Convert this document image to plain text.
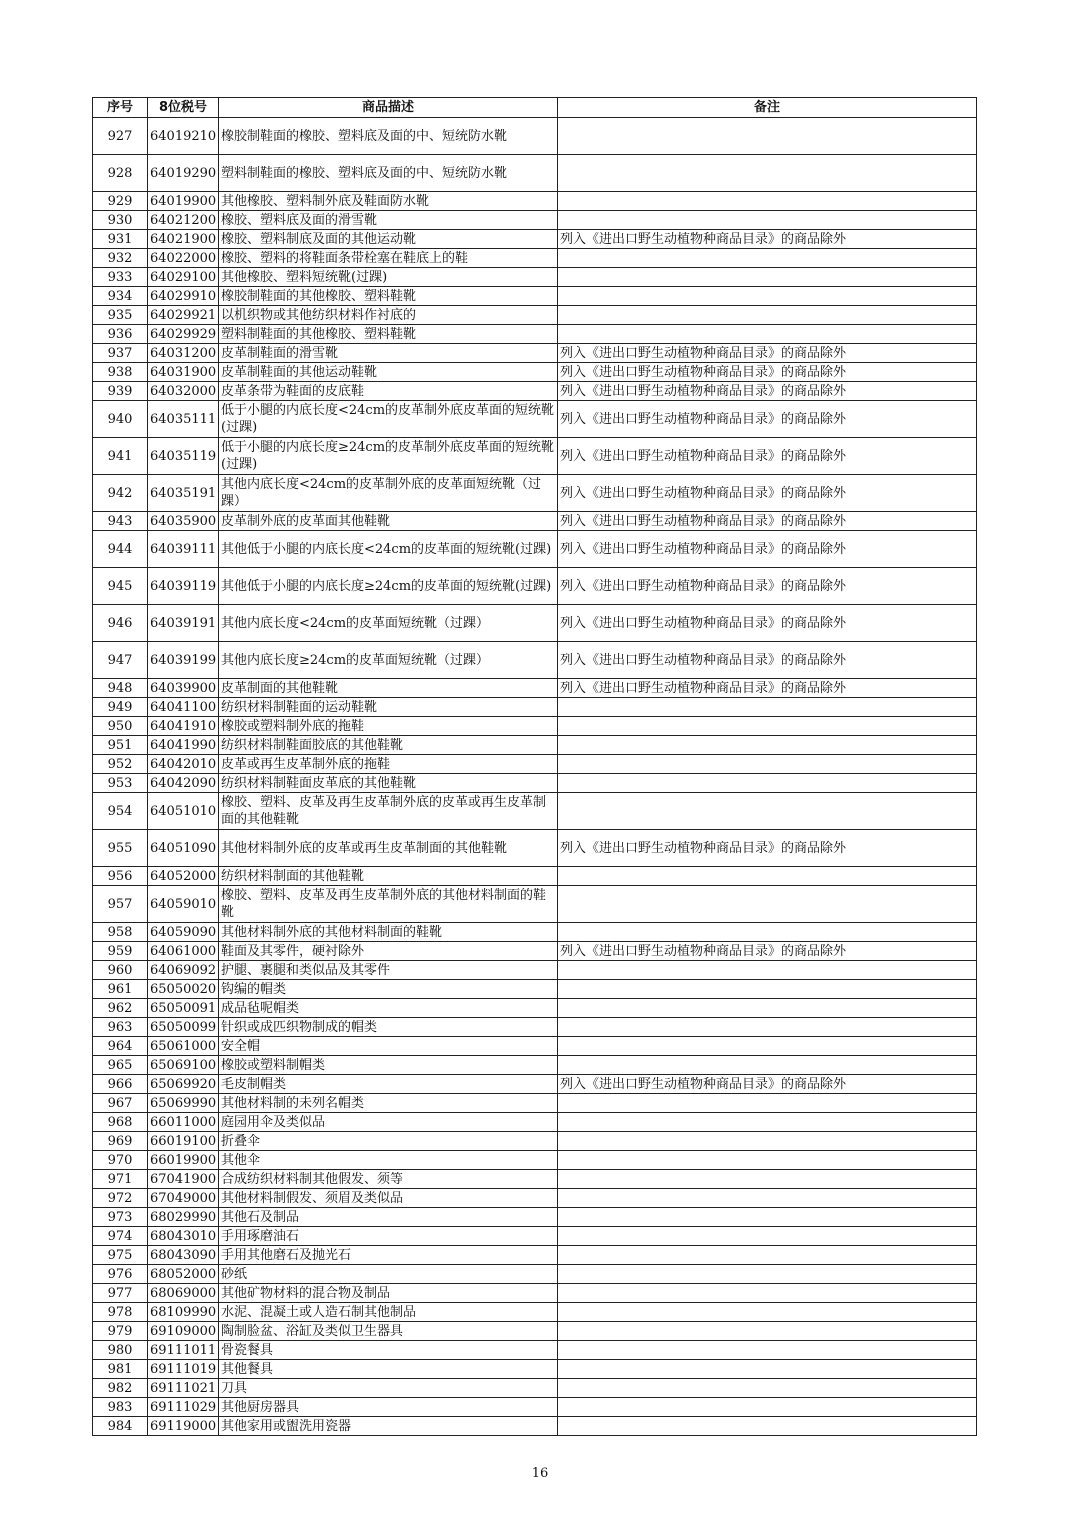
序号	8位税号	商品描述	备注
927	64019210	橡胶制鞋面的橡胶、塑料底及面的中、短统防水靴	
928	64019290	塑料制鞋面的橡胶、塑料底及面的中、短统防水靴	
929	64019900	其他橡胶、塑料制外底及鞋面防水靴	
930	64021200	橡胶、塑料底及面的滑雪靴	
931	64021900	橡胶、塑料制底及面的其他运动靴	列入《进出口野生动植物种商品目录》的商品除外
932	64022000	橡胶、塑料的将鞋面条带栓塞在鞋底上的鞋	
933	64029100	其他橡胶、塑料短统靴(过踝)	
934	64029910	橡胶制鞋面的其他橡胶、塑料鞋靴	
935	64029921	以机织物或其他纺织材料作衬底的	
936	64029929	塑料制鞋面的其他橡胶、塑料鞋靴	
937	64031200	皮革制鞋面的滑雪靴	列入《进出口野生动植物种商品目录》的商品除外
938	64031900	皮革制鞋面的其他运动鞋靴	列入《进出口野生动植物种商品目录》的商品除外
939	64032000	皮革条带为鞋面的皮底鞋	列入《进出口野生动植物种商品目录》的商品除外
940	64035111	低于小腿的内底长度<24cm的皮革制外底皮革面的短统靴(过踝)	列入《进出口野生动植物种商品目录》的商品除外
941	64035119	低于小腿的内底长度≥24cm的皮革制外底皮革面的短统靴(过踝)	列入《进出口野生动植物种商品目录》的商品除外
942	64035191	其他内底长度<24cm的皮革制外底的皮革面短统靴（过踝）	列入《进出口野生动植物种商品目录》的商品除外
943	64035900	皮革制外底的皮革面其他鞋靴	列入《进出口野生动植物种商品目录》的商品除外
944	64039111	其他低于小腿的内底长度<24cm的皮革面的短统靴(过踝)	列入《进出口野生动植物种商品目录》的商品除外
945	64039119	其他低于小腿的内底长度≥24cm的皮革面的短统靴(过踝)	列入《进出口野生动植物种商品目录》的商品除外
946	64039191	其他内底长度<24cm的皮革面短统靴（过踝）	列入《进出口野生动植物种商品目录》的商品除外
947	64039199	其他内底长度≥24cm的皮革面短统靴（过踝）	列入《进出口野生动植物种商品目录》的商品除外
948	64039900	皮革制面的其他鞋靴	列入《进出口野生动植物种商品目录》的商品除外
949	64041100	纺织材料制鞋面的运动鞋靴	
950	64041910	橡胶或塑料制外底的拖鞋	
951	64041990	纺织材料制鞋面胶底的其他鞋靴	
952	64042010	皮革或再生皮革制外底的拖鞋	
953	64042090	纺织材料制鞋面皮革底的其他鞋靴	
954	64051010	橡胶、塑料、皮革及再生皮革制外底的皮革或再生皮革制面的其他鞋靴	
955	64051090	其他材料制外底的皮革或再生皮革制面的其他鞋靴	列入《进出口野生动植物种商品目录》的商品除外
956	64052000	纺织材料制面的其他鞋靴	
957	64059010	橡胶、塑料、皮革及再生皮革制外底的其他材料制面的鞋靴	
958	64059090	其他材料制外底的其他材料制面的鞋靴	
959	64061000	鞋面及其零件，硬衬除外	列入《进出口野生动植物种商品目录》的商品除外
960	64069092	护腿、裹腿和类似品及其零件	
961	65050020	钩编的帽类	
962	65050091	成品毡呢帽类	
963	65050099	针织或成匹织物制成的帽类	
964	65061000	安全帽	
965	65069100	橡胶或塑料制帽类	
966	65069920	毛皮制帽类	列入《进出口野生动植物种商品目录》的商品除外
967	65069990	其他材料制的未列名帽类	
968	66011000	庭园用伞及类似品	
969	66019100	折叠伞	
970	66019900	其他伞	
971	67041900	合成纺织材料制其他假发、须等	
972	67049000	其他材料制假发、须眉及类似品	
973	68029990	其他石及制品	
974	68043010	手用琢磨油石	
975	68043090	手用其他磨石及抛光石	
976	68052000	砂纸	
977	68069000	其他矿物材料的混合物及制品	
978	68109990	水泥、混凝土或人造石制其他制品	
979	69109000	陶制脸盆、浴缸及类似卫生器具	
980	69111011	骨瓷餐具	
981	69111019	其他餐具	
982	69111021	刀具	
983	69111029	其他厨房器具	
984	69119000	其他家用或盥洗用瓷器	
16
